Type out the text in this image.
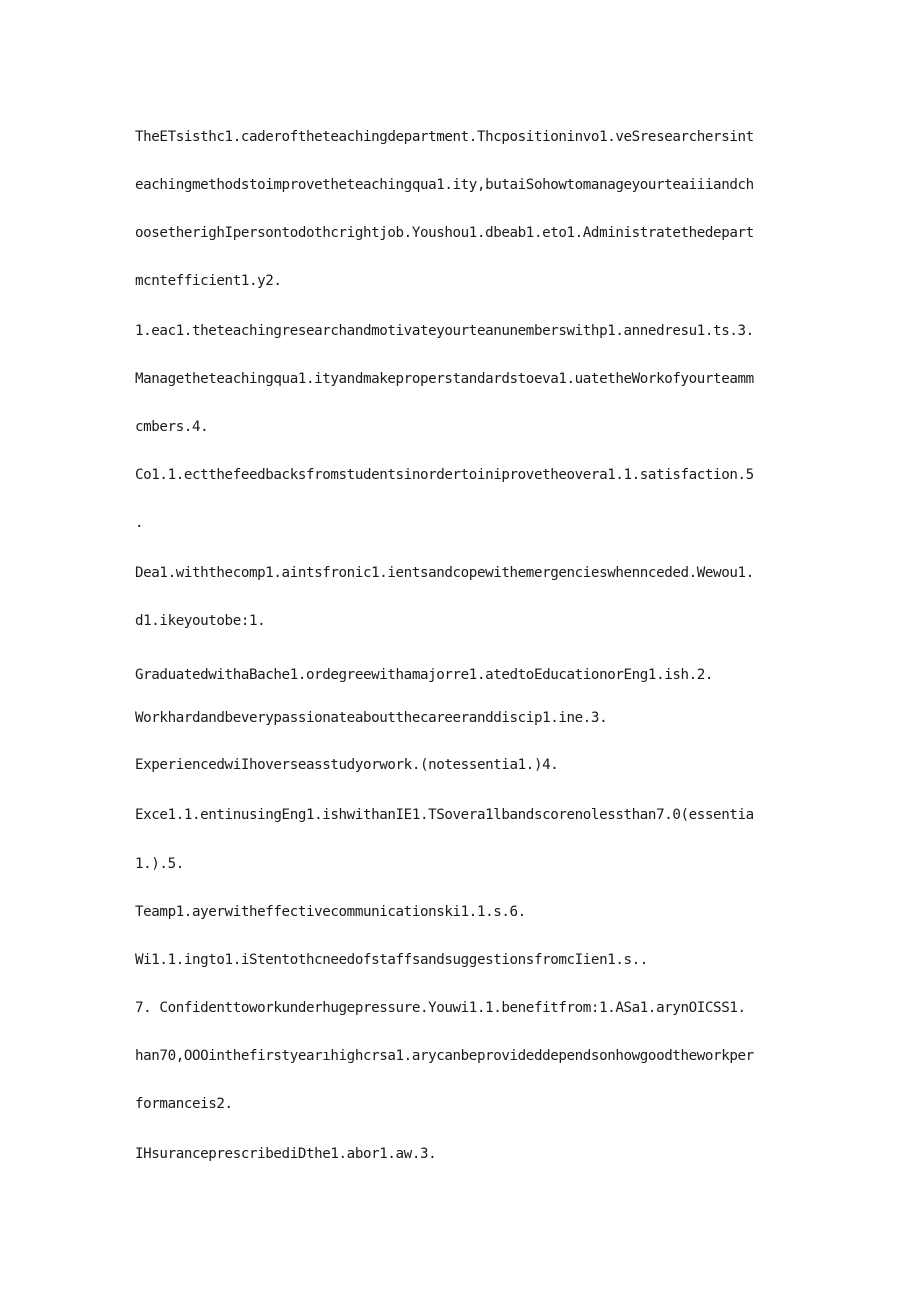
TheETsisthc1.caderoftheteachingdepartment.Thcpositioninvo1.veSresearchersint

eachingmethodstoimprovetheteachingqua1.ity,butaiSohowtomanageyourteaiiiandch

oosetherighIpersontodothcrightjob.Youshou1.dbeab1.eto1.Administratethedepart

mcntefficient1.y2.

1.eac1.theteachingresearchandmotivateyourteanunemberswithp1.annedresu1.ts.3.

Managetheteachingqua1.ityandmakeproperstandardstoeva1.uatetheWorkofyourteamm

cmbers.4.

Co1.1.ectthefeedbacksfromstudentsinordertoiniprovetheovera1.1.satisfaction.5

.

Dea1.withthecomp1.aintsfronic1.ientsandcopewithemergencieswhennceded.Wewou1.

d1.ikeyoutobe:1.

GraduatedwithaBache1.ordegreewithamajorre1.atedtoEducationorEng1.ish.2.

Workhardandbeverypassionateaboutthecareeranddiscip1.ine.3.

ExperiencedwiIhoverseasstudyorwork.(notessentia1.)4.

Exce1.1.entinusingEng1.ishwithanIE1.TSovera1lbandscorenolessthan7.0(essentia

1.).5.

Teamp1.ayerwitheffectivecommunicationski1.1.s.6.

Wi1.1.ingto1.iStentothcneedofstaffsandsuggestionsfromcIien1.s..

7. Confidenttoworkunderhugepressure.Youwi1.1.benefitfrom:1.ASa1.arynOICSS1.

han70,OOOinthefirstyearıhighcrsa1.arycanbeprovideddependsonhowgoodtheworkper

formanceis2.

IHsuranceprescribediDthe1.abor1.aw.3.
